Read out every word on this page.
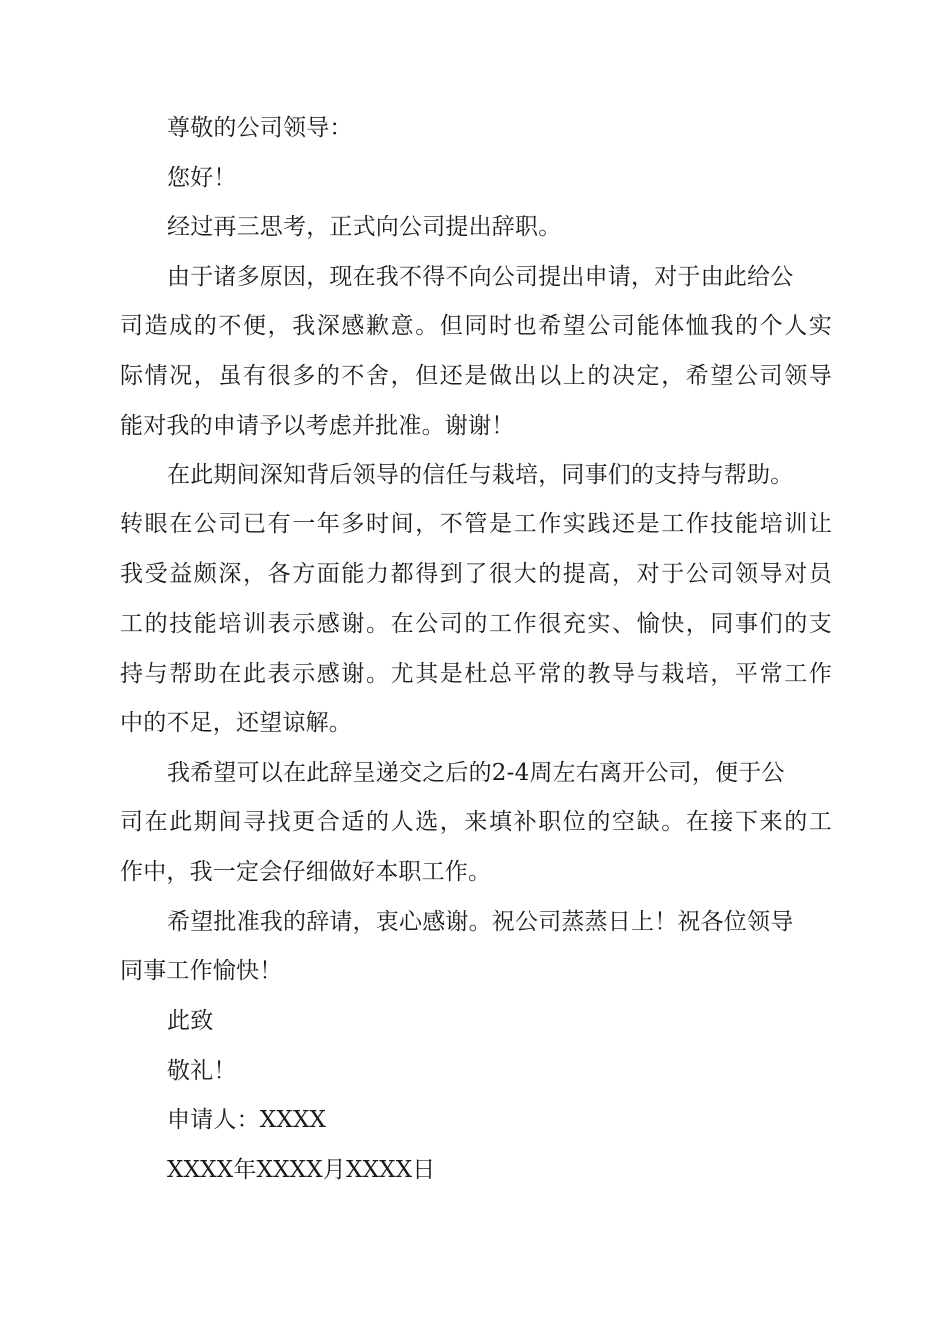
尊敬的公司领导：
您好！
经过再三思考，正式向公司提出辞职。
由于诸多原因，现在我不得不向公司提出申请，对于由此给公
司造成的不便，我深感歉意。但同时也希望公司能体恤我的个人实
际情况，虽有很多的不舍，但还是做出以上的决定，希望公司领导
能对我的申请予以考虑并批准。谢谢！
在此期间深知背后领导的信任与栽培，同事们的支持与帮助。
转眼在公司已有一年多时间，不管是工作实践还是工作技能培训让
我受益颇深，各方面能力都得到了很大的提高，对于公司领导对员
工的技能培训表示感谢。在公司的工作很充实、愉快，同事们的支
持与帮助在此表示感谢。尤其是杜总平常的教导与栽培，平常工作
中的不足，还望谅解。
我希望可以在此辞呈递交之后的2-4周左右离开公司，便于公
司在此期间寻找更合适的人选，来填补职位的空缺。在接下来的工
作中，我一定会仔细做好本职工作。
希望批准我的辞请，衷心感谢。祝公司蒸蒸日上！祝各位领导
同事工作愉快！
此致
敬礼！
申请人：XXXX
XXXX年XXXX月XXXX日
